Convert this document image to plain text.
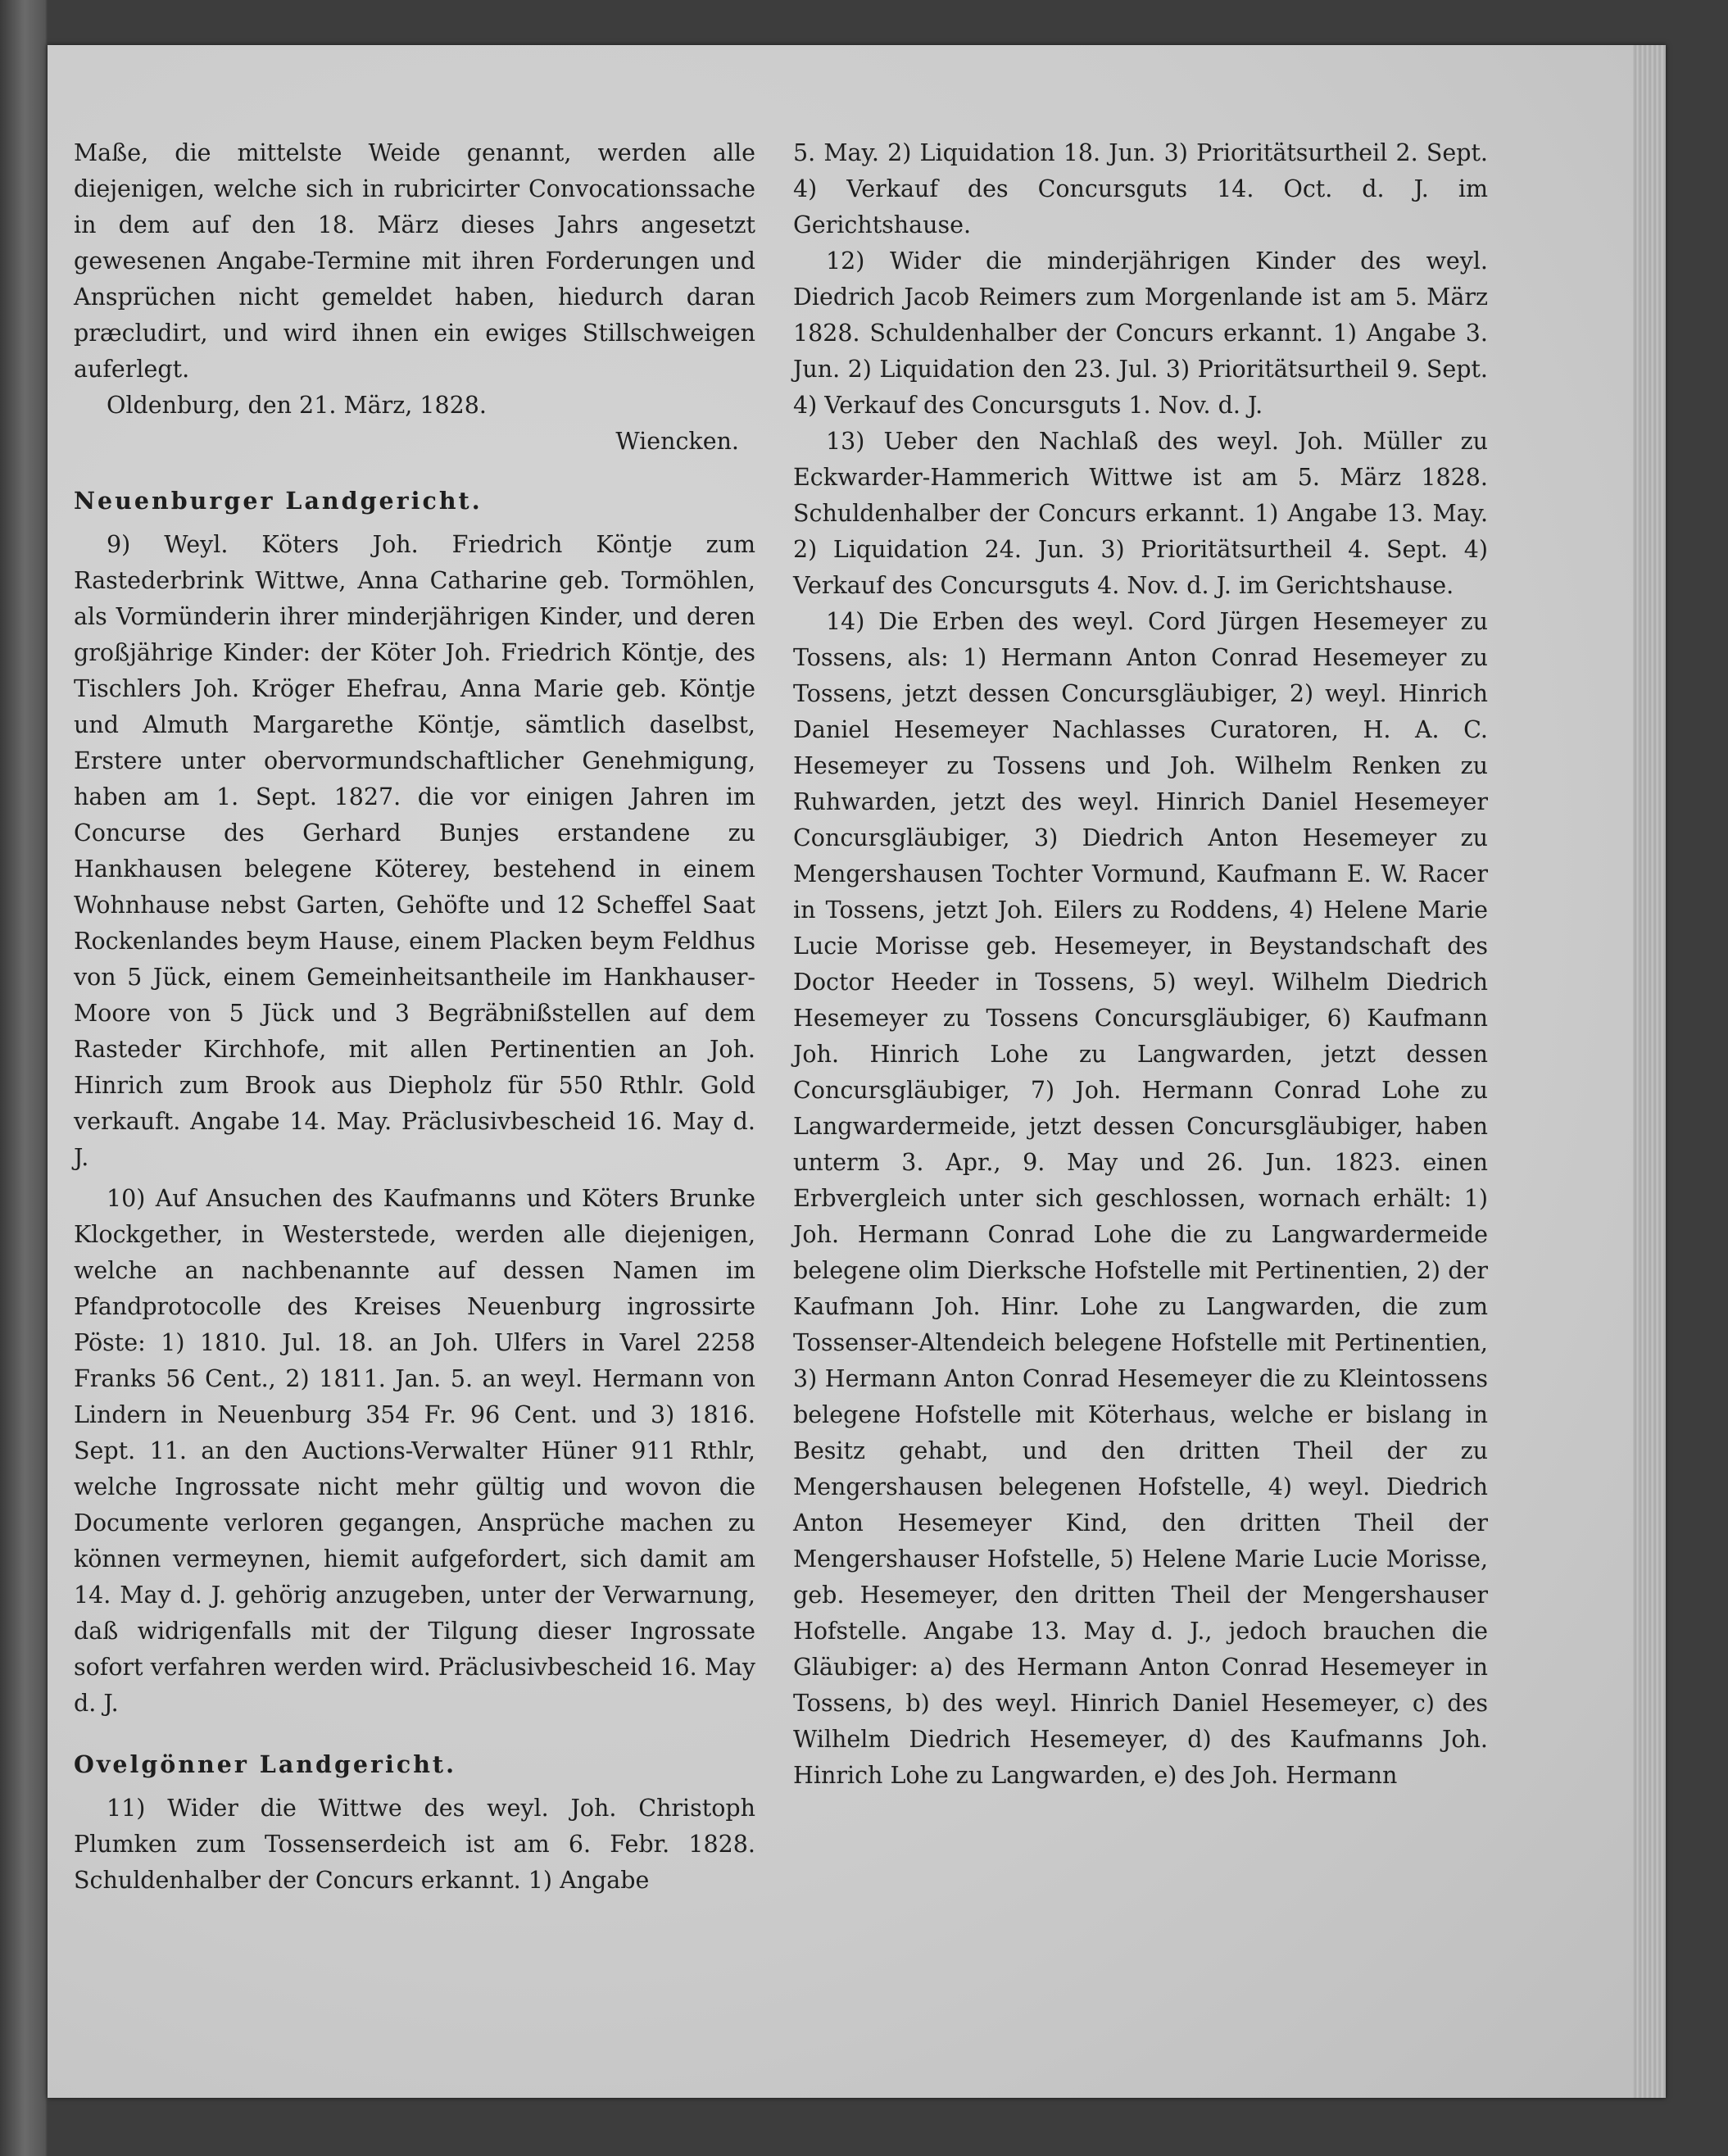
Maße, die mittelste Weide genannt, werden alle diejenigen, welche sich in rubricirter Convocationssache in dem auf den 18. März dieses Jahrs angesetzt gewesenen Angabe-Termine mit ihren Forderungen und Ansprüchen nicht gemeldet haben, hiedurch daran præcludirt, und wird ihnen ein ewiges Stillschweigen auferlegt.

Oldenburg, den 21. März, 1828.

Wiencken.

Neuenburger Landgericht.

9) Weyl. Köters Joh. Friedrich Köntje zum Rastederbrink Wittwe, Anna Catharine geb. Tormöhlen, als Vormünderin ihrer minderjährigen Kinder, und deren großjährige Kinder: der Köter Joh. Friedrich Köntje, des Tischlers Joh. Kröger Ehefrau, Anna Marie geb. Köntje und Almuth Margarethe Köntje, sämtlich daselbst, Erstere unter obervormundschaftlicher Genehmigung, haben am 1. Sept. 1827. die vor einigen Jahren im Concurse des Gerhard Bunjes erstandene zu Hankhausen belegene Köterey, bestehend in einem Wohnhause nebst Garten, Gehöfte und 12 Scheffel Saat Rockenlandes beym Hause, einem Placken beym Feldhus von 5 Jück, einem Gemeinheitsantheile im Hankhauser-Moore von 5 Jück und 3 Begräbnißstellen auf dem Rasteder Kirchhofe, mit allen Pertinentien an Joh. Hinrich zum Brook aus Diepholz für 550 Rthlr. Gold verkauft. Angabe 14. May. Präclusivbescheid 16. May d. J.

10) Auf Ansuchen des Kaufmanns und Köters Brunke Klockgether, in Westerstede, werden alle diejenigen, welche an nachbenannte auf dessen Namen im Pfandprotocolle des Kreises Neuenburg ingrossirte Pöste: 1) 1810. Jul. 18. an Joh. Ulfers in Varel 2258 Franks 56 Cent., 2) 1811. Jan. 5. an weyl. Hermann von Lindern in Neuenburg 354 Fr. 96 Cent. und 3) 1816. Sept. 11. an den Auctions-Verwalter Hüner 911 Rthlr, welche Ingrossate nicht mehr gültig und wovon die Documente verloren gegangen, Ansprüche machen zu können vermeynen, hiemit aufgefordert, sich damit am 14. May d. J. gehörig anzugeben, unter der Verwarnung, daß widrigenfalls mit der Tilgung dieser Ingrossate sofort verfahren werden wird. Präclusivbescheid 16. May d. J.

Ovelgönner Landgericht.

11) Wider die Wittwe des weyl. Joh. Christoph Plumken zum Tossenserdeich ist am 6. Febr. 1828. Schuldenhalber der Concurs erkannt. 1) Angabe

5. May. 2) Liquidation 18. Jun. 3) Prioritätsurtheil 2. Sept. 4) Verkauf des Concursguts 14. Oct. d. J. im Gerichtshause.

12) Wider die minderjährigen Kinder des weyl. Diedrich Jacob Reimers zum Morgenlande ist am 5. März 1828. Schuldenhalber der Concurs erkannt. 1) Angabe 3. Jun. 2) Liquidation den 23. Jul. 3) Prioritätsurtheil 9. Sept. 4) Verkauf des Concursguts 1. Nov. d. J.

13) Ueber den Nachlaß des weyl. Joh. Müller zu Eckwarder-Hammerich Wittwe ist am 5. März 1828. Schuldenhalber der Concurs erkannt. 1) Angabe 13. May. 2) Liquidation 24. Jun. 3) Prioritätsurtheil 4. Sept. 4) Verkauf des Concursguts 4. Nov. d. J. im Gerichtshause.

14) Die Erben des weyl. Cord Jürgen Hesemeyer zu Tossens, als: 1) Hermann Anton Conrad Hesemeyer zu Tossens, jetzt dessen Concursgläubiger, 2) weyl. Hinrich Daniel Hesemeyer Nachlasses Curatoren, H. A. C. Hesemeyer zu Tossens und Joh. Wilhelm Renken zu Ruhwarden, jetzt des weyl. Hinrich Daniel Hesemeyer Concursgläubiger, 3) Diedrich Anton Hesemeyer zu Mengershausen Tochter Vormund, Kaufmann E. W. Racer in Tossens, jetzt Joh. Eilers zu Roddens, 4) Helene Marie Lucie Morisse geb. Hesemeyer, in Beystandschaft des Doctor Heeder in Tossens, 5) weyl. Wilhelm Diedrich Hesemeyer zu Tossens Concursgläubiger, 6) Kaufmann Joh. Hinrich Lohe zu Langwarden, jetzt dessen Concursgläubiger, 7) Joh. Hermann Conrad Lohe zu Langwardermeide, jetzt dessen Concursgläubiger, haben unterm 3. Apr., 9. May und 26. Jun. 1823. einen Erbvergleich unter sich geschlossen, wornach erhält: 1) Joh. Hermann Conrad Lohe die zu Langwardermeide belegene olim Dierksche Hofstelle mit Pertinentien, 2) der Kaufmann Joh. Hinr. Lohe zu Langwarden, die zum Tossenser-Altendeich belegene Hofstelle mit Pertinentien, 3) Hermann Anton Conrad Hesemeyer die zu Kleintossens belegene Hofstelle mit Köterhaus, welche er bislang in Besitz gehabt, und den dritten Theil der zu Mengershausen belegenen Hofstelle, 4) weyl. Diedrich Anton Hesemeyer Kind, den dritten Theil der Mengershauser Hofstelle, 5) Helene Marie Lucie Morisse, geb. Hesemeyer, den dritten Theil der Mengershauser Hofstelle. Angabe 13. May d. J., jedoch brauchen die Gläubiger: a) des Hermann Anton Conrad Hesemeyer in Tossens, b) des weyl. Hinrich Daniel Hesemeyer, c) des Wilhelm Diedrich Hesemeyer, d) des Kaufmanns Joh. Hinrich Lohe zu Langwarden, e) des Joh. Hermann
